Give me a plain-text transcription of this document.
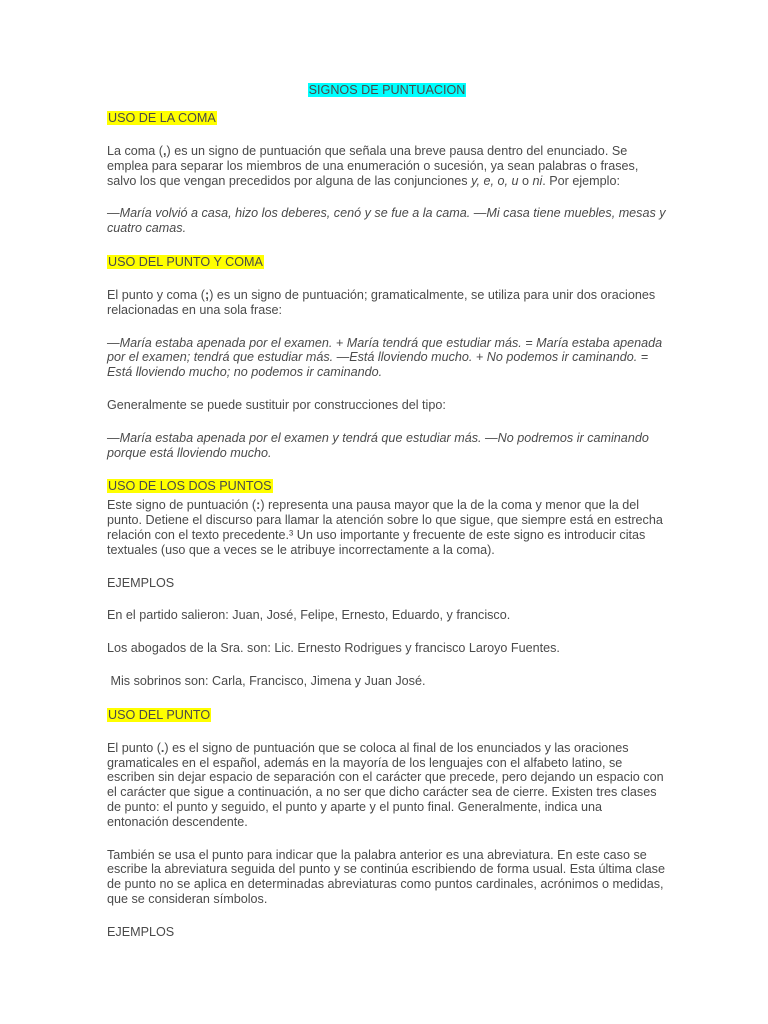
SIGNOS DE PUNTUACION
USO DE LA COMA

La coma (,) es un signo de puntuación que señala una breve pausa dentro del enunciado. Se emplea para separar los miembros de una enumeración o sucesión, ya sean palabras o frases, salvo los que vengan precedidos por alguna de las conjunciones y, e, o, u o ni. Por ejemplo:

—María volvió a casa, hizo los deberes, cenó y se fue a la cama. —Mi casa tiene muebles, mesas y cuatro camas.

USO DEL PUNTO Y COMA

El punto y coma (;) es un signo de puntuación; gramaticalmente, se utiliza para unir dos oraciones relacionadas en una sola frase:

—María estaba apenada por el examen. + María tendrá que estudiar más. = María estaba apenada por el examen; tendrá que estudiar más. —Está lloviendo mucho. + No podemos ir caminando. = Está lloviendo mucho; no podemos ir caminando.

Generalmente se puede sustituir por construcciones del tipo:

—María estaba apenada por el examen y tendrá que estudiar más. —No podremos ir caminando porque está lloviendo mucho.

USO DE LOS DOS PUNTOS

Este signo de puntuación (:) representa una pausa mayor que la de la coma y menor que la del punto. Detiene el discurso para llamar la atención sobre lo que sigue, que siempre está en estrecha relación con el texto precedente.³ Un uso importante y frecuente de este signo es introducir citas textuales (uso que a veces se le atribuye incorrectamente a la coma).

EJEMPLOS

En el partido salieron: Juan, José, Felipe, Ernesto, Eduardo, y francisco.

Los abogados de la Sra. son: Lic. Ernesto Rodrigues y francisco Laroyo Fuentes.

Mis sobrinos son: Carla, Francisco, Jimena y Juan José.

USO DEL PUNTO

El punto (.) es el signo de puntuación que se coloca al final de los enunciados y las oraciones gramaticales en el español, además en la mayoría de los lenguajes con el alfabeto latino, se escriben sin dejar espacio de separación con el carácter que precede, pero dejando un espacio con el carácter que sigue a continuación, a no ser que dicho carácter sea de cierre. Existen tres clases de punto: el punto y seguido, el punto y aparte y el punto final. Generalmente, indica una entonación descendente.

También se usa el punto para indicar que la palabra anterior es una abreviatura. En este caso se escribe la abreviatura seguida del punto y se continúa escribiendo de forma usual. Esta última clase de punto no se aplica en determinadas abreviaturas como puntos cardinales, acrónimos o medidas, que se consideran símbolos.

EJEMPLOS
